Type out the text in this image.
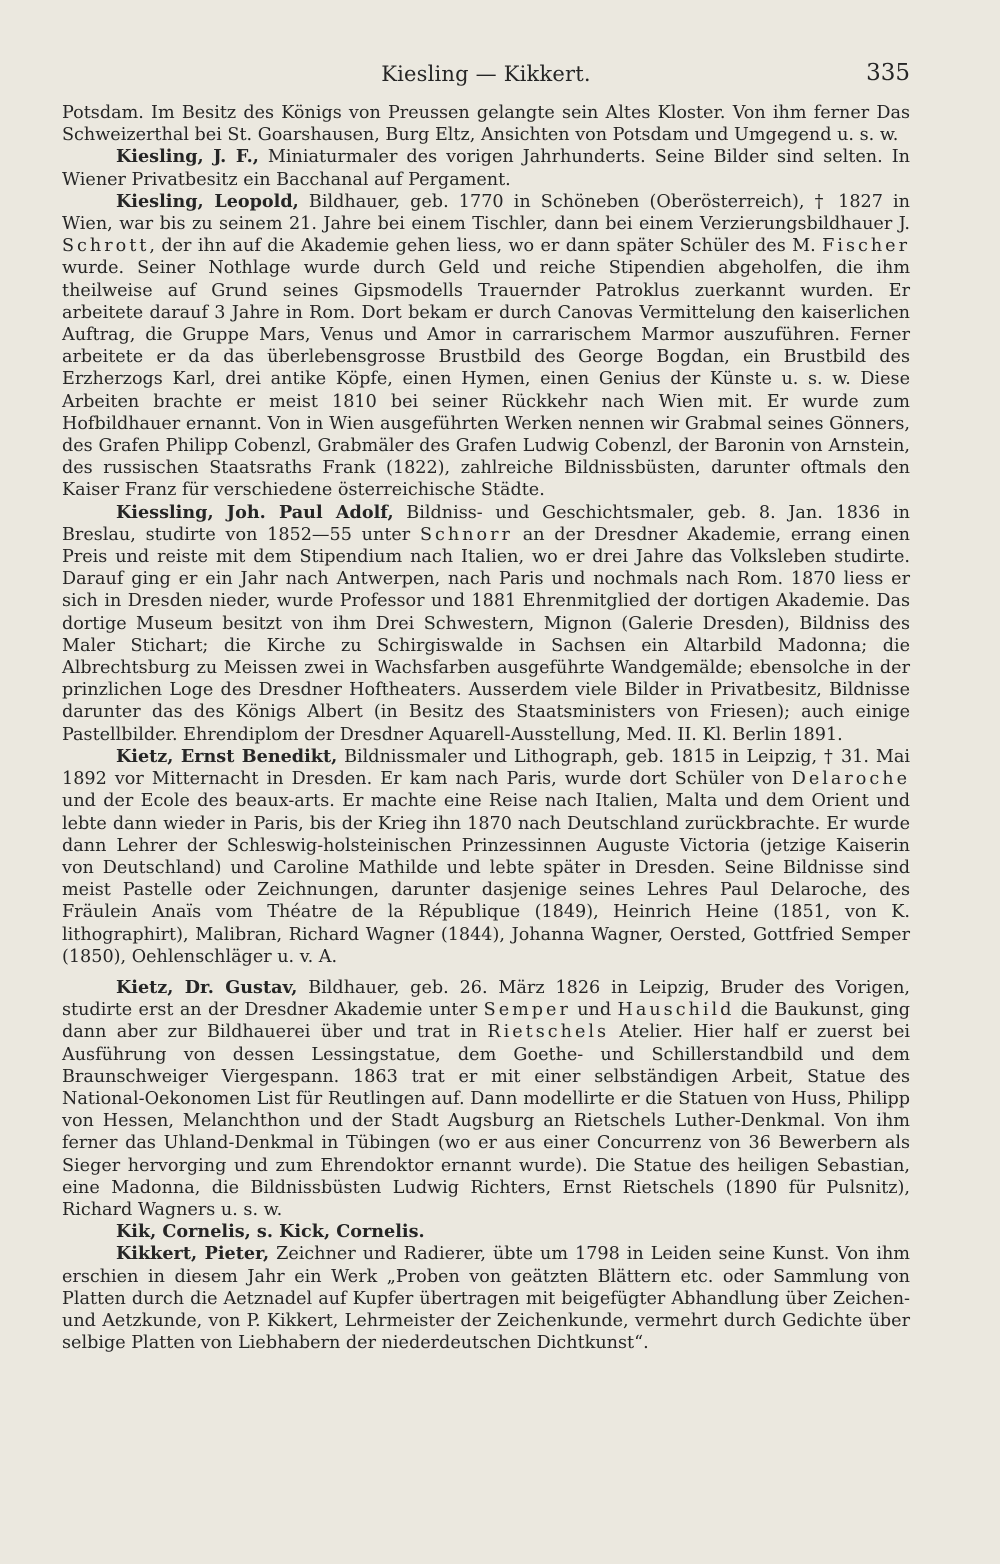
Kiesling — Kikkert.	335

Potsdam. Im Besitz des Königs von Preussen gelangte sein Altes Kloster. Von ihm ferner Das Schweizerthal bei St. Goarshausen, Burg Eltz, Ansichten von Potsdam und Umgegend u. s. w.

Kiesling, J. F., Miniaturmaler des vorigen Jahrhunderts. Seine Bilder sind selten. In Wiener Privatbesitz ein Bacchanal auf Pergament.

Kiesling, Leopold, Bildhauer, geb. 1770 in Schöneben (Oberösterreich), † 1827 in Wien, war bis zu seinem 21. Jahre bei einem Tischler, dann bei einem Verzierungsbildhauer J. Schrott, der ihn auf die Akademie gehen liess, wo er dann später Schüler des M. Fischer wurde. Seiner Nothlage wurde durch Geld und reiche Stipendien abgeholfen, die ihm theilweise auf Grund seines Gipsmodells Trauernder Patroklus zuerkannt wurden. Er arbeitete darauf 3 Jahre in Rom. Dort bekam er durch Canovas Vermittelung den kaiserlichen Auftrag, die Gruppe Mars, Venus und Amor in carrarischem Marmor auszuführen. Ferner arbeitete er da das überlebensgrosse Brustbild des George Bogdan, ein Brustbild des Erzherzogs Karl, drei antike Köpfe, einen Hymen, einen Genius der Künste u. s. w. Diese Arbeiten brachte er meist 1810 bei seiner Rückkehr nach Wien mit. Er wurde zum Hofbildhauer ernannt. Von in Wien ausgeführten Werken nennen wir Grabmal seines Gönners, des Grafen Philipp Cobenzl, Grabmäler des Grafen Ludwig Cobenzl, der Baronin von Arnstein, des russischen Staatsraths Frank (1822), zahlreiche Bildnissbüsten, darunter oftmals den Kaiser Franz für verschiedene österreichische Städte.

Kiessling, Joh. Paul Adolf, Bildniss- und Geschichtsmaler, geb. 8. Jan. 1836 in Breslau, studirte von 1852—55 unter Schnorr an der Dresdner Akademie, errang einen Preis und reiste mit dem Stipendium nach Italien, wo er drei Jahre das Volksleben studirte. Darauf ging er ein Jahr nach Antwerpen, nach Paris und nochmals nach Rom. 1870 liess er sich in Dresden nieder, wurde Professor und 1881 Ehrenmitglied der dortigen Akademie. Das dortige Museum besitzt von ihm Drei Schwestern, Mignon (Galerie Dresden), Bildniss des Maler Stichart; die Kirche zu Schirgiswalde in Sachsen ein Altarbild Madonna; die Albrechtsburg zu Meissen zwei in Wachsfarben ausgeführte Wandgemälde; ebensolche in der prinzlichen Loge des Dresdner Hoftheaters. Ausserdem viele Bilder in Privatbesitz, Bildnisse darunter das des Königs Albert (in Besitz des Staatsministers von Friesen); auch einige Pastellbilder. Ehrendiplom der Dresdner Aquarell-Ausstellung, Med. II. Kl. Berlin 1891.

Kietz, Ernst Benedikt, Bildnissmaler und Lithograph, geb. 1815 in Leipzig, † 31. Mai 1892 vor Mitternacht in Dresden. Er kam nach Paris, wurde dort Schüler von Delaroche und der Ecole des beaux-arts. Er machte eine Reise nach Italien, Malta und dem Orient und lebte dann wieder in Paris, bis der Krieg ihn 1870 nach Deutschland zurückbrachte. Er wurde dann Lehrer der Schleswig-holsteinischen Prinzessinnen Auguste Victoria (jetzige Kaiserin von Deutschland) und Caroline Mathilde und lebte später in Dresden. Seine Bildnisse sind meist Pastelle oder Zeichnungen, darunter dasjenige seines Lehres Paul Delaroche, des Fräulein Anaïs vom Théatre de la République (1849), Heinrich Heine (1851, von K. lithographirt), Malibran, Richard Wagner (1844), Johanna Wagner, Oersted, Gottfried Semper (1850), Oehlenschläger u. v. A.

Kietz, Dr. Gustav, Bildhauer, geb. 26. März 1826 in Leipzig, Bruder des Vorigen, studirte erst an der Dresdner Akademie unter Semper und Hauschild die Baukunst, ging dann aber zur Bildhauerei über und trat in Rietschels Atelier. Hier half er zuerst bei Ausführung von dessen Lessingstatue, dem Goethe- und Schillerstandbild und dem Braunschweiger Viergespann. 1863 trat er mit einer selbständigen Arbeit, Statue des National-Oekonomen List für Reutlingen auf. Dann modellirte er die Statuen von Huss, Philipp von Hessen, Melanchthon und der Stadt Augsburg an Rietschels Luther-Denkmal. Von ihm ferner das Uhland-Denkmal in Tübingen (wo er aus einer Concurrenz von 36 Bewerbern als Sieger hervorging und zum Ehrendoktor ernannt wurde). Die Statue des heiligen Sebastian, eine Madonna, die Bildnissbüsten Ludwig Richters, Ernst Rietschels (1890 für Pulsnitz), Richard Wagners u. s. w.

Kik, Cornelis, s. Kick, Cornelis.

Kikkert, Pieter, Zeichner und Radierer, übte um 1798 in Leiden seine Kunst. Von ihm erschien in diesem Jahr ein Werk „Proben von geätzten Blättern etc. oder Sammlung von Platten durch die Aetznadel auf Kupfer übertragen mit beigefügter Abhandlung über Zeichen- und Aetzkunde, von P. Kikkert, Lehrmeister der Zeichenkunde, vermehrt durch Gedichte über selbige Platten von Liebhabern der niederdeutschen Dichtkunst“.
